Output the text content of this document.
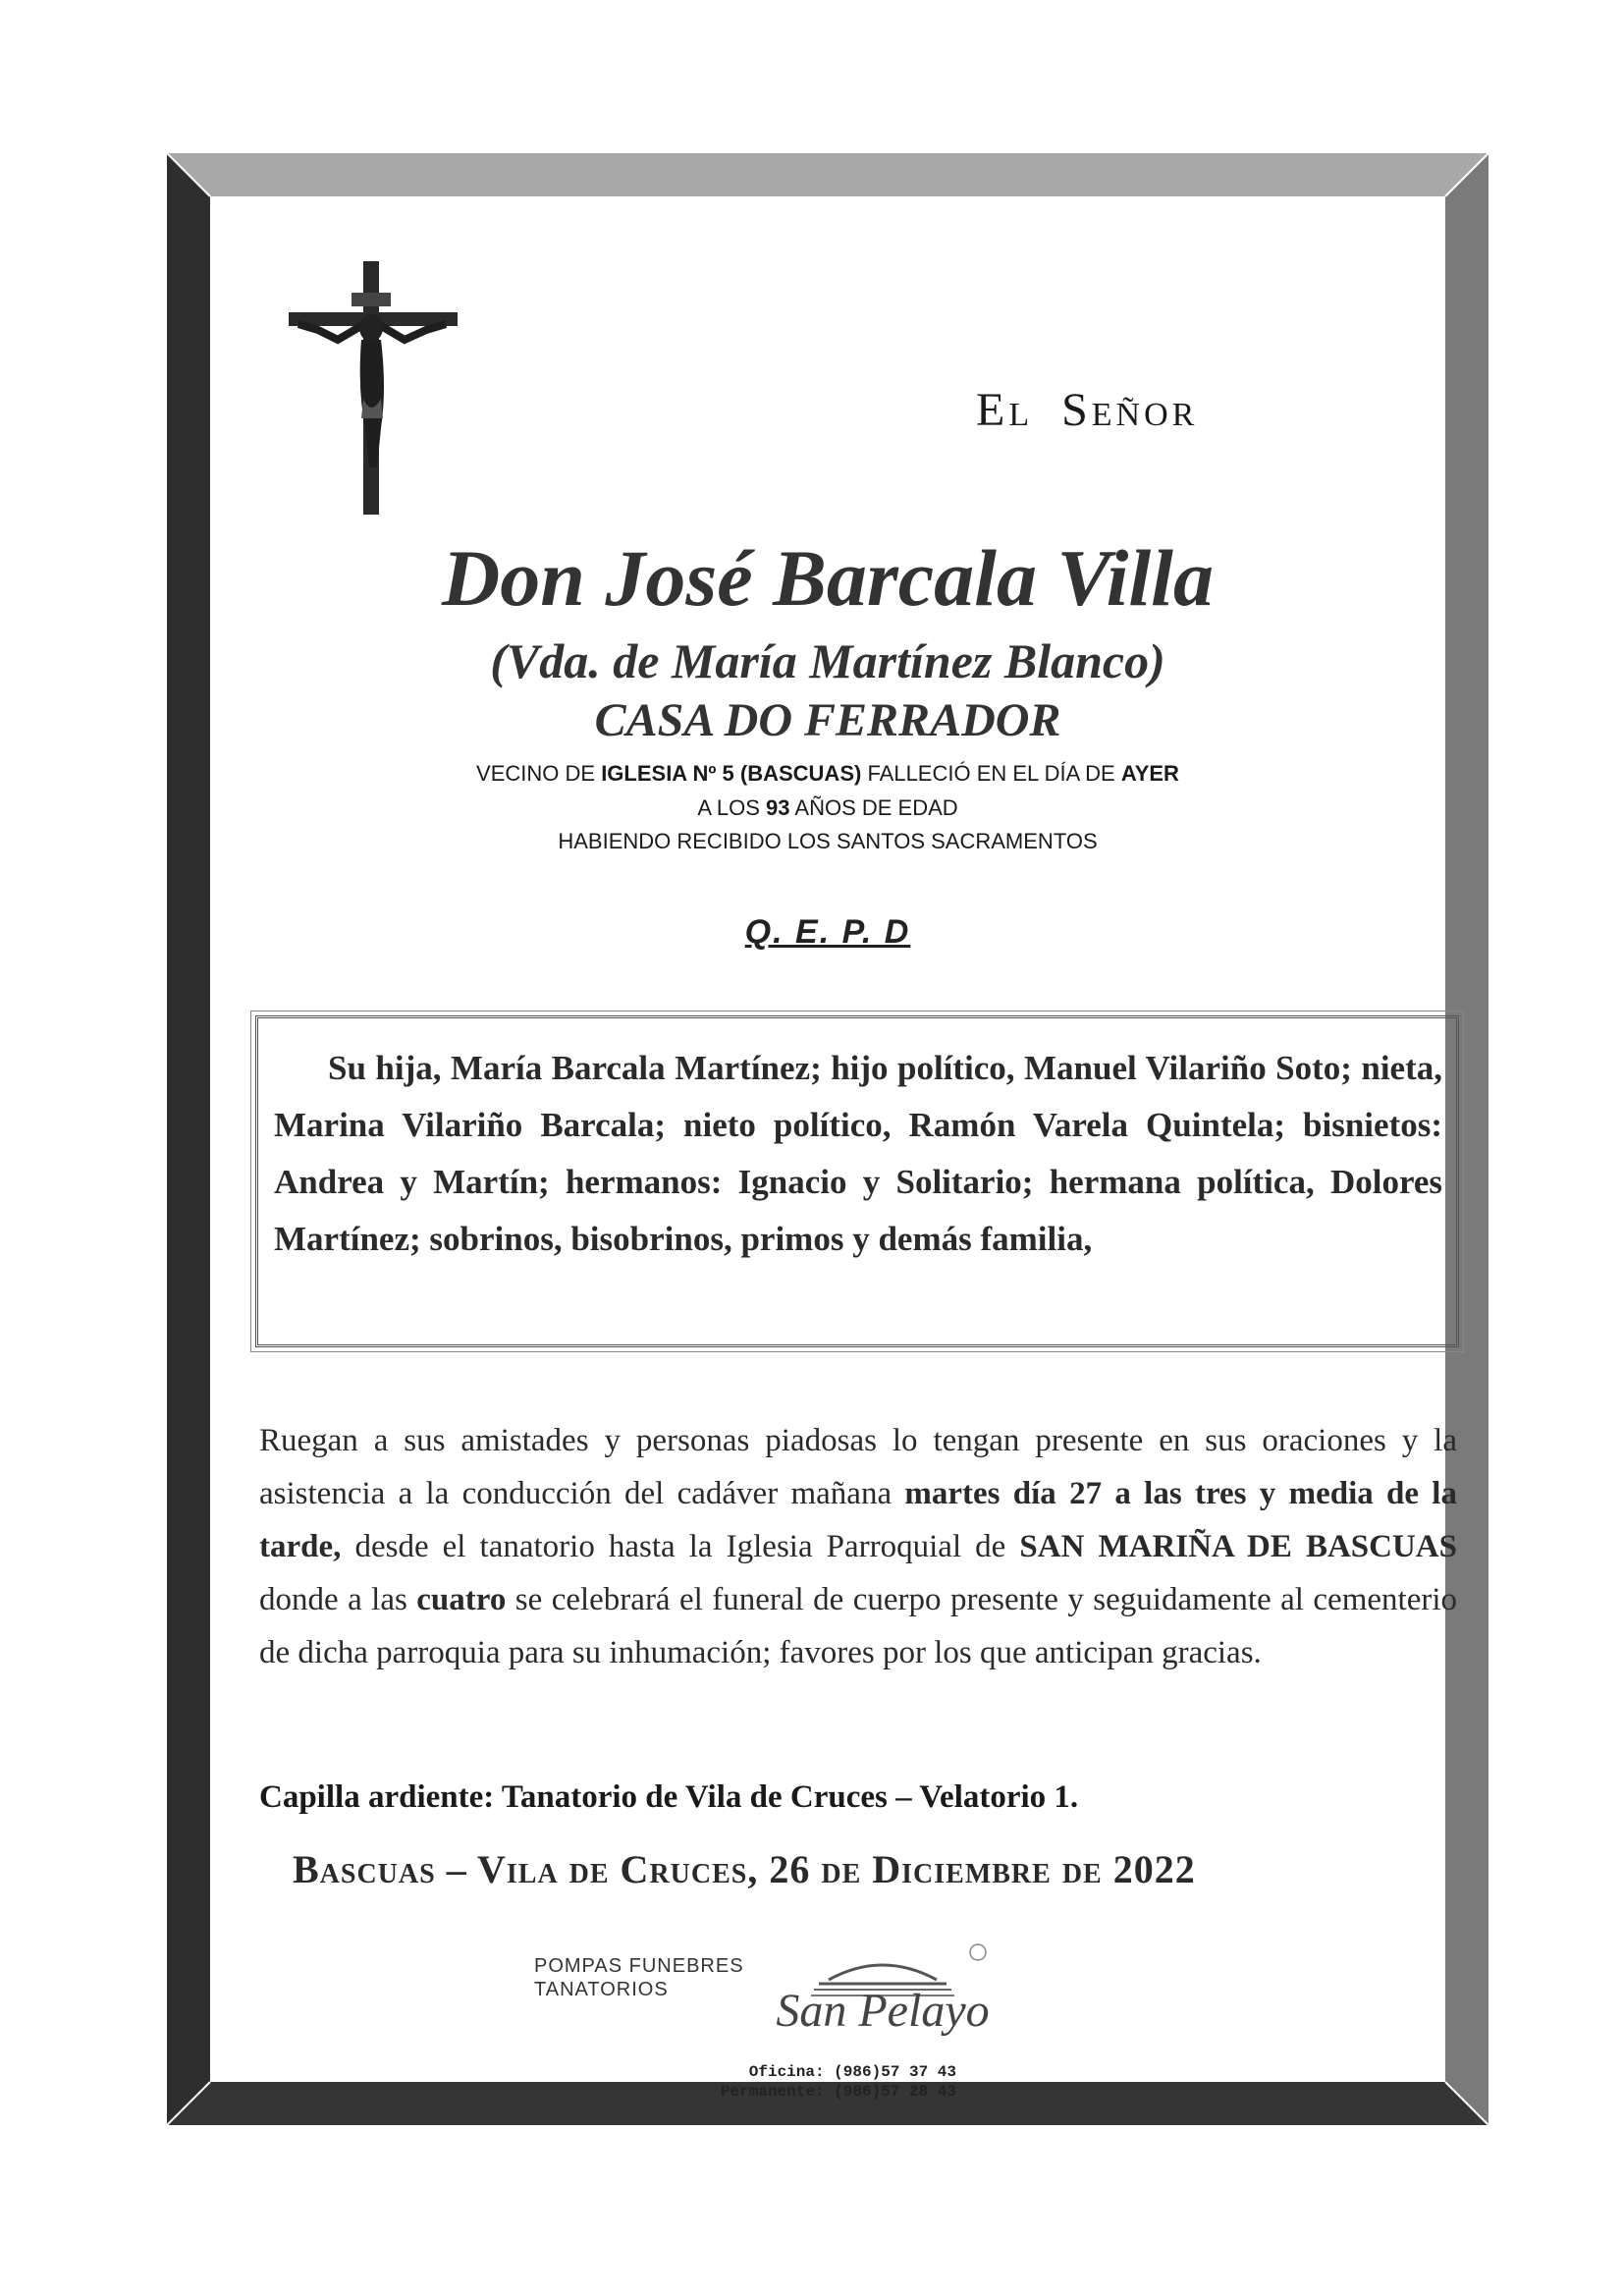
El Señor
Don José Barcala Villa
(Vda. de María Martínez Blanco)
CASA DO FERRADOR
VECINO DE IGLESIA Nº 5 (BASCUAS) FALLECIÓ EN EL DÍA DE AYER
A LOS 93 AÑOS DE EDAD
HABIENDO RECIBIDO LOS SANTOS SACRAMENTOS
Q. E. P. D
Su hija, María Barcala Martínez; hijo político, Manuel Vilariño Soto; nieta, Marina Vilariño Barcala; nieto político, Ramón Varela Quintela; bisnietos: Andrea y Martín; hermanos: Ignacio y Solitario; hermana política, Dolores Martínez; sobrinos, bisobrinos, primos y demás familia,
Ruegan a sus amistades y personas piadosas lo tengan presente en sus oraciones y la asistencia a la conducción del cadáver mañana martes día 27 a las tres y media de la tarde, desde el tanatorio hasta la Iglesia Parroquial de SAN MARIÑA DE BASCUAS donde a las cuatro se celebrará el funeral de cuerpo presente y seguidamente al cementerio de dicha parroquia para su inhumación; favores por los que anticipan gracias.
Capilla ardiente: Tanatorio de Vila de Cruces – Velatorio 1.
Bascuas – Vila de Cruces, 26 de Diciembre de 2022
POMPAS FUNEBRES
TANATORIOS	San Pelayo
Oficina: (986)57 37 43
Permanente: (986)57 28 43
